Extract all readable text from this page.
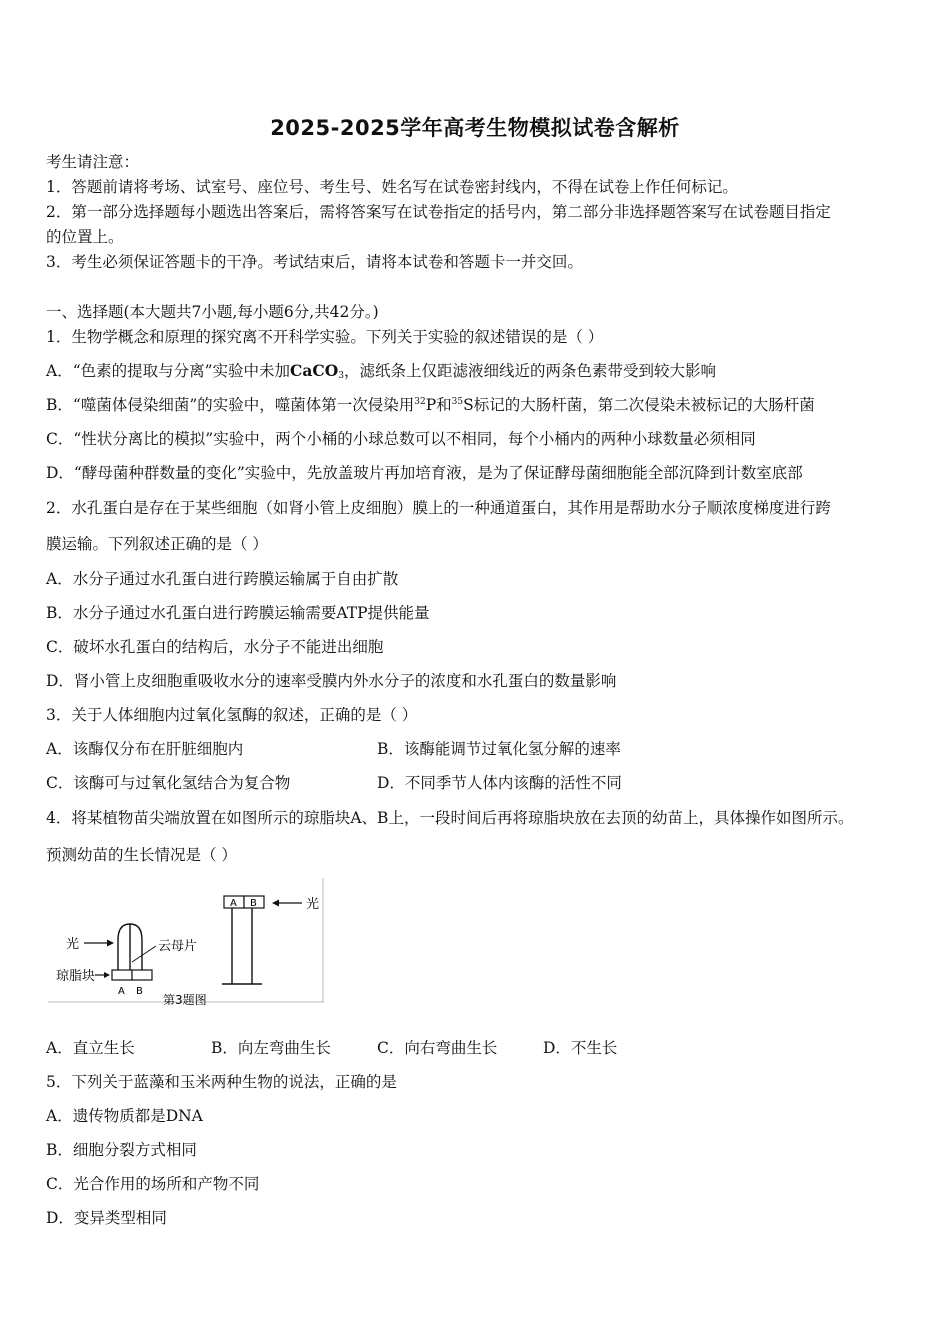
2025-2025学年高考生物模拟试卷含解析
考生请注意：
1．答题前请将考场、试室号、座位号、考生号、姓名写在试卷密封线内，不得在试卷上作任何标记。
2．第一部分选择题每小题选出答案后，需将答案写在试卷指定的括号内，第二部分非选择题答案写在试卷题目指定
的位置上。
3．考生必须保证答题卡的干净。考试结束后，请将本试卷和答题卡一并交回。
一、选择题(本大题共7小题,每小题6分,共42分。)
1．生物学概念和原理的探究离不开科学实验。下列关于实验的叙述错误的是（ ）
A．“色素的提取与分离”实验中未加CaCO$_3$，滤纸条上仅距滤液细线近的两条色素带受到较大影响
B．“噬菌体侵染细菌”的实验中，噬菌体第一次侵染用$^{32}$P和$^{35}$S标记的大肠杆菌，第二次侵染未被标记的大肠杆菌
C．“性状分离比的模拟”实验中，两个小桶的小球总数可以不相同，每个小桶内的两种小球数量必须相同
D．“酵母菌种群数量的变化”实验中，先放盖玻片再加培育液，是为了保证酵母菌细胞能全部沉降到计数室底部
2．水孔蛋白是存在于某些细胞（如肾小管上皮细胞）膜上的一种通道蛋白，其作用是帮助水分子顺浓度梯度进行跨
膜运输。下列叙述正确的是（ ）
A．水分子通过水孔蛋白进行跨膜运输属于自由扩散
B．水分子通过水孔蛋白进行跨膜运输需要ATP提供能量
C．破坏水孔蛋白的结构后，水分子不能进出细胞
D．肾小管上皮细胞重吸收水分的速率受膜内外水分子的浓度和水孔蛋白的数量影响
3．关于人体细胞内过氧化氢酶的叙述，正确的是（ ）
A．该酶仅分布在肝脏细胞内	B．该酶能调节过氧化氢分解的速率
C．该酶可与过氧化氢结合为复合物	D．不同季节人体内该酶的活性不同
4．将某植物苗尖端放置在如图所示的琼脂块A、B上，一段时间后再将琼脂块放在去顶的幼苗上，具体操作如图所示。
预测幼苗的生长情况是（ ）
光	云母片
琼脂块
A B
A B	光
第3题图
A．直立生长	B．向左弯曲生长	C．向右弯曲生长	D．不生长
5．下列关于蓝藻和玉米两种生物的说法，正确的是
A．遗传物质都是DNA
B．细胞分裂方式相同
C．光合作用的场所和产物不同
D．变异类型相同
